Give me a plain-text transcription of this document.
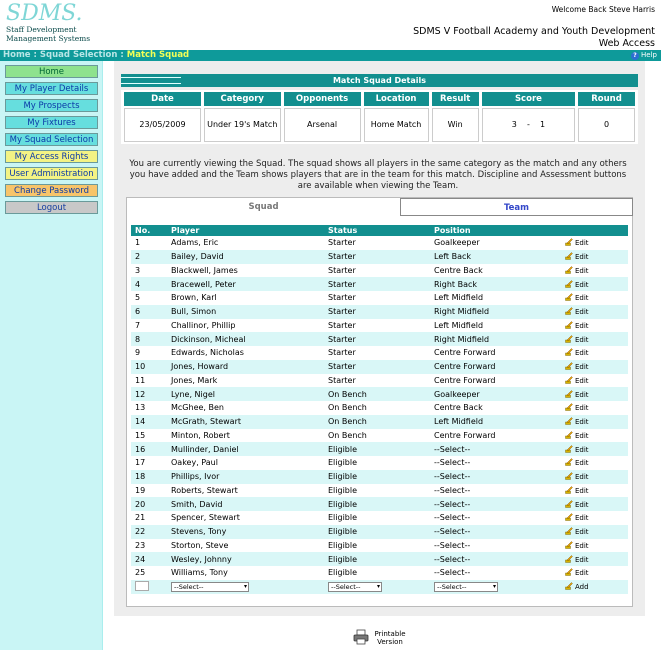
SDMS.
Staff Development
Management Systems
Welcome Back Steve Harris
SDMS V Football Academy and Youth Development
Web Access
Home : Squad Selection : Match Squad	? Help
Home
My Player Details
My Prospects
My Fixtures
My Squad Selection
My Access Rights
User Administration
Change Password
Logout
Match Squad Details
Date	Category	Opponents	Location	Result	Score	Round
23/05/2009	Under 19's Match	Arsenal	Home Match	Win	3 - 1	0
You are currently viewing the Squad. The squad shows all players in the same category as the match and any others you have added and the Team shows players that are in the team for this match. Discipline and Assessment buttons are available when viewing the Team.
Squad	Team
No.	Player	Status	Position	
1	Adams, Eric	Starter	Goalkeeper	Edit
2	Bailey, David	Starter	Left Back	Edit
3	Blackwell, James	Starter	Centre Back	Edit
4	Bracewell, Peter	Starter	Right Back	Edit
5	Brown, Karl	Starter	Left Midfield	Edit
6	Bull, Simon	Starter	Right Midfield	Edit
7	Challinor, Phillip	Starter	Left Midfield	Edit
8	Dickinson, Micheal	Starter	Right Midfield	Edit
9	Edwards, Nicholas	Starter	Centre Forward	Edit
10	Jones, Howard	Starter	Centre Forward	Edit
11	Jones, Mark	Starter	Centre Forward	Edit
12	Lyne, Nigel	On Bench	Goalkeeper	Edit
13	McGhee, Ben	On Bench	Centre Back	Edit
14	McGrath, Stewart	On Bench	Left Midfield	Edit
15	Minton, Robert	On Bench	Centre Forward	Edit
16	Mullinder, Daniel	Eligible	--Select--	Edit
17	Oakey, Paul	Eligible	--Select--	Edit
18	Phillips, Ivor	Eligible	--Select--	Edit
19	Roberts, Stewart	Eligible	--Select--	Edit
20	Smith, David	Eligible	--Select--	Edit
21	Spencer, Stewart	Eligible	--Select--	Edit
22	Stevens, Tony	Eligible	--Select--	Edit
23	Storton, Steve	Eligible	--Select--	Edit
24	Wesley, Johnny	Eligible	--Select--	Edit
25	Williams, Tony	Eligible	--Select--	Edit
	--Select-- ▾	--Select-- ▾	--Select-- ▾	Add
Printable
Version
